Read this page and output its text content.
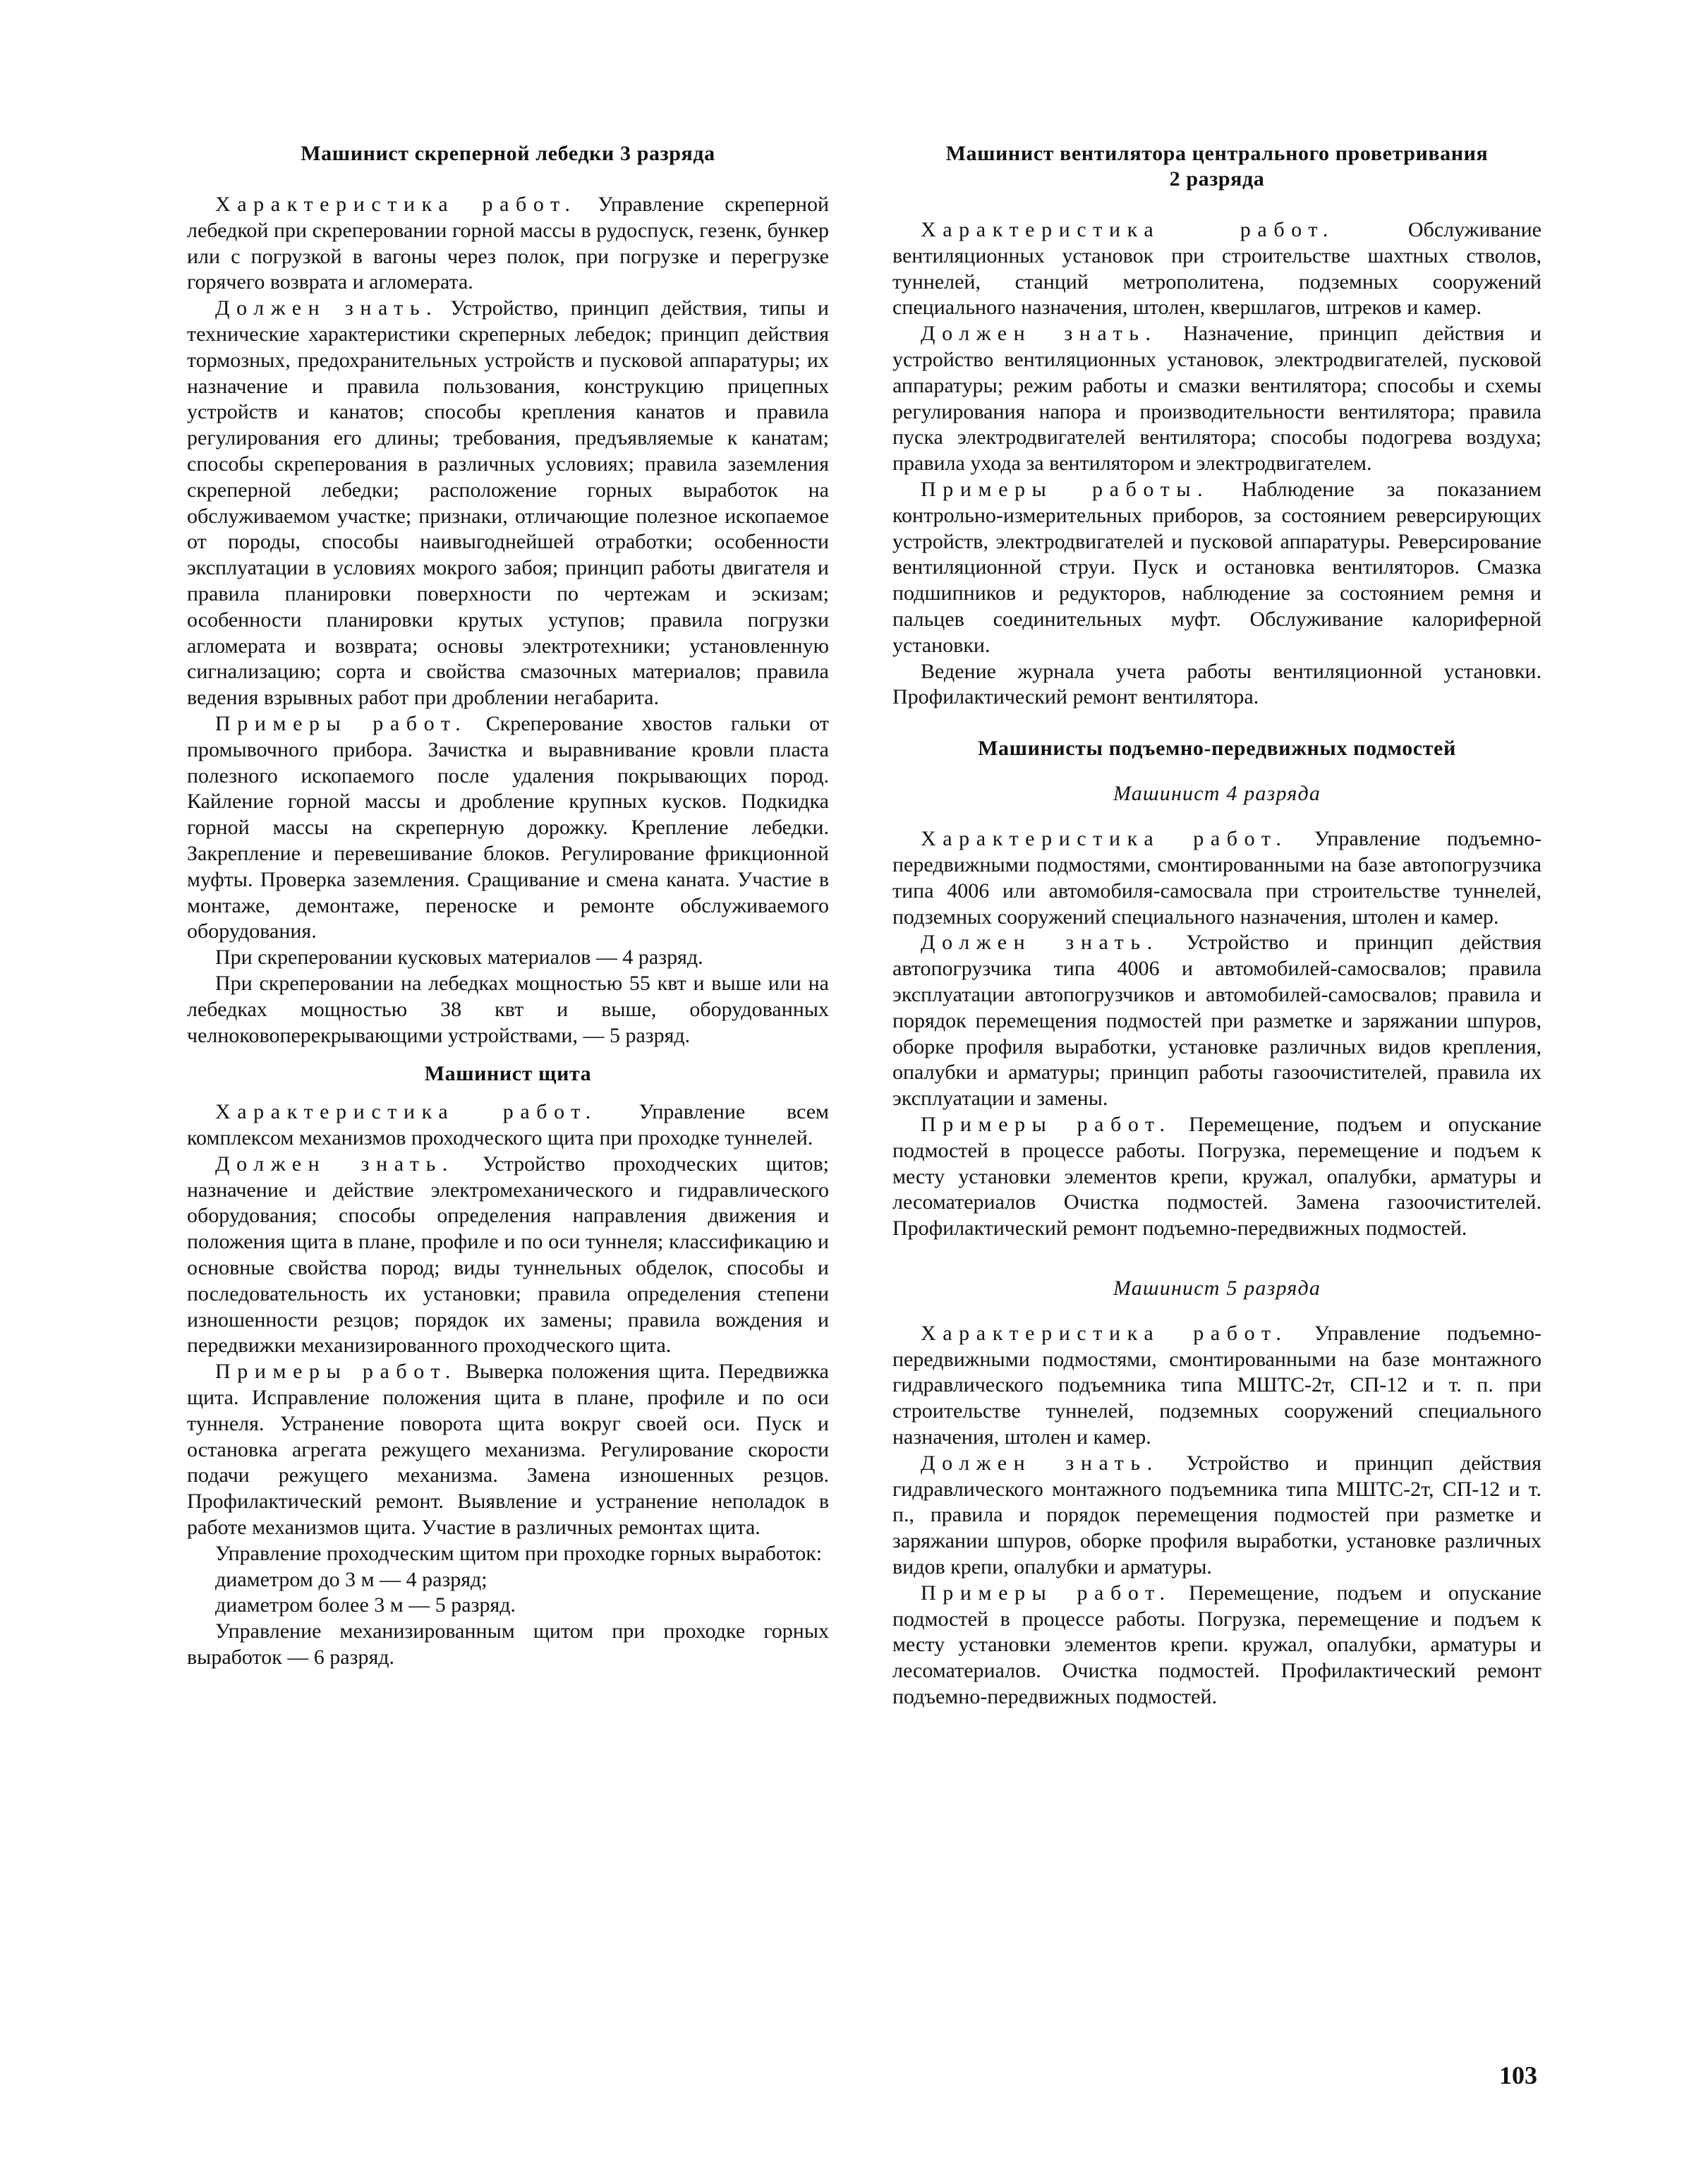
Машинист скреперной лебедки 3 разряда

Характеристика работ. Управление скреперной лебедкой при скреперовании горной массы в рудоспуск, гезенк, бункер или с погрузкой в вагоны через полок, при погрузке и перегрузке горячего возврата и агломерата.

Должен знать. Устройство, принцип действия, типы и технические характеристики скреперных лебедок; принцип действия тормозных, предохранительных устройств и пусковой аппаратуры; их назначение и правила пользования, конструкцию прицепных устройств и канатов; способы крепления канатов и правила регулирования его длины; требования, предъявляемые к канатам; способы скреперования в различных условиях; правила заземления скреперной лебедки; расположение горных выработок на обслуживаемом участке; признаки, отличающие полезное ископаемое от породы, способы наивыгоднейшей отработки; особенности эксплуатации в условиях мокрого забоя; принцип работы двигателя и правила планировки поверхности по чертежам и эскизам; особенности планировки крутых уступов; правила погрузки агломерата и возврата; основы электротехники; установленную сигнализацию; сорта и свойства смазочных материалов; правила ведения взрывных работ при дроблении негабарита.

Примеры работ. Скреперование хвостов гальки от промывочного прибора. Зачистка и выравнивание кровли пласта полезного ископаемого после удаления покрывающих пород. Кайление горной массы и дробление крупных кусков. Подкидка горной массы на скреперную дорожку. Крепление лебедки. Закрепление и перевешивание блоков. Регулирование фрикционной муфты. Проверка заземления. Сращивание и смена каната. Участие в монтаже, демонтаже, переноске и ремонте обслуживаемого оборудования.

При скреперовании кусковых материалов — 4 разряд.

При скреперовании на лебедках мощностью 55 квт и выше или на лебедках мощностью 38 квт и выше, оборудованных челноковоперекрывающими устройствами, — 5 разряд.

Машинист щита

Характеристика работ. Управление всем комплексом механизмов проходческого щита при проходке туннелей.

Должен знать. Устройство проходческих щитов; назначение и действие электромеханического и гидравлического оборудования; способы определения направления движения и положения щита в плане, профиле и по оси туннеля; классификацию и основные свойства пород; виды туннельных обделок, способы и последовательность их установки; правила определения степени изношенности резцов; порядок их замены; правила вождения и передвижки механизированного проходческого щита.

Примеры работ. Выверка положения щита. Передвижка щита. Исправление положения щита в плане, профиле и по оси туннеля. Устранение поворота щита вокруг своей оси. Пуск и остановка агрегата режущего механизма. Регулирование скорости подачи режущего механизма. Замена изношенных резцов. Профилактический ремонт. Выявление и устранение неполадок в работе механизмов щита. Участие в различных ремонтах щита.

Управление проходческим щитом при проходке горных выработок:

диаметром до 3 м — 4 разряд;

диаметром более 3 м — 5 разряд.

Управление механизированным щитом при проходке горных выработок — 6 разряд.

Машинист вентилятора центрального проветривания
2 разряда

Характеристика работ.	Обслуживание вентиляционных установок при строительстве шахтных стволов, туннелей, станций метрополитена, подземных сооружений специального назначения, штолен, квершлагов, штреков и камер.

Должен знать. Назначение, принцип действия и устройство вентиляционных установок, электродвигателей, пусковой аппаратуры; режим работы и смазки вентилятора; способы и схемы регулирования напора и производительности вентилятора; правила пуска электродвигателей вентилятора; способы подогрева воздуха; правила ухода за вентилятором и электродвигателем.

Примеры работы. Наблюдение за показанием контрольно-измерительных приборов, за состоянием реверсирующих устройств, электродвигателей и пусковой аппаратуры. Реверсирование вентиляционной струи. Пуск и остановка вентиляторов. Смазка подшипников и редукторов, наблюдение за состоянием ремня и пальцев соединительных муфт. Обслуживание калориферной установки.

Ведение журнала учета работы вентиляционной установки. Профилактический ремонт вентилятора.

Машинисты подъемно-передвижных подмостей
Машинист 4 разряда

Характеристика работ. Управление подъемно-передвижными подмостями, смонтированными на базе автопогрузчика типа 4006 или автомобиля-самосвала при строительстве туннелей, подземных сооружений специального назначения, штолен и камер.

Должен знать. Устройство и принцип действия автопогрузчика типа 4006 и автомобилей-самосвалов; правила эксплуатации автопогрузчиков и автомобилей-самосвалов; правила и порядок перемещения подмостей при разметке и заряжании шпуров, оборке профиля выработки, установке различных видов крепления, опалубки и арматуры; принцип работы газоочистителей, правила их эксплуатации и замены.

Примеры работ. Перемещение, подъем и опускание подмостей в процессе работы. Погрузка, перемещение и подъем к месту установки элементов крепи, кружал, опалубки, арматуры и лесоматериалов Очистка подмостей. Замена газоочистителей. Профилактический ремонт подъемно-передвижных подмостей.

Машинист 5 разряда

Характеристика работ. Управление подъемно-передвижными подмостями, смонтированными на базе монтажного гидравлического подъемника типа МШТС-2т, СП-12 и т. п. при строительстве туннелей, подземных сооружений специального назначения, штолен и камер.

Должен знать. Устройство и принцип действия гидравлического монтажного подъемника типа МШТС-2т, СП-12 и т. п., правила и порядок перемещения подмостей при разметке и заряжании шпуров, оборке профиля выработки, установке различных видов крепи, опалубки и арматуры.

Примеры работ. Перемещение, подъем и опускание подмостей в процессе работы. Погрузка, перемещение и подъем к месту установки элементов крепи. кружал, опалубки, арматуры и лесоматериалов. Очистка подмостей. Профилактический ремонт подъемно-передвижных подмостей.

103
